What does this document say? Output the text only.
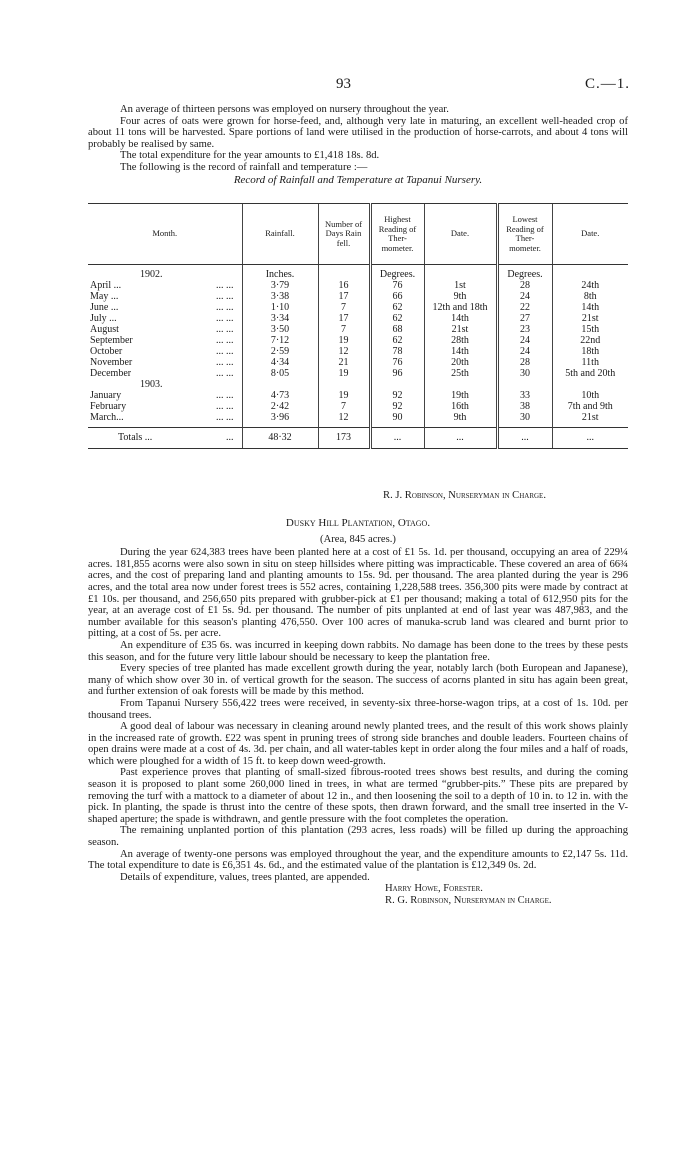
93	C.—1.

An average of thirteen persons was employed on nursery throughout the year.

Four acres of oats were grown for horse-feed, and, although very late in maturing, an excellent well-headed crop of about 11 tons will be harvested. Spare portions of land were utilised in the production of horse-carrots, and about 4 tons will probably be realised by same.

The total expenditure for the year amounts to £1,418 18s. 8d.

The following is the record of rainfall and temperature :—

Record of Rainfall and Temperature at Tapanui Nursery.
Month.	Rainfall.	Number of Days Rain fell.	Highest Reading of Ther-mometer.	Date.	Lowest Reading of Ther-mometer.	Date.

1902.	Inches.		Degrees.		Degrees.	
April ... ... ...	3·79	16	76	1st	28	24th
May ... ... ...	3·38	17	66	9th	24	8th
June ... ... ...	1·10	7	62	12th and 18th	22	14th
July ... ... ...	3·34	17	62	14th	27	21st
August ... ...	3·50	7	68	21st	23	15th
September ... ...	7·12	19	62	28th	24	22nd
October ... ...	2·59	12	78	14th	24	18th
November ... ...	4·34	21	76	20th	28	11th
December ... ...	8·05	19	96	25th	30	5th and 20th
1903.						
January ... ...	4·73	19	92	19th	33	10th
February ... ...	2·42	7	92	16th	38	7th and 9th
March... ... ...	3·96	12	90	9th	30	21st

Totals ... ...	48·32	173	...	...	...	...
R. J. Robinson, Nurseryman in Charge.
Dusky Hill Plantation, Otago.
(Area, 845 acres.)

During the year 624,383 trees have been planted here at a cost of £1 5s. 1d. per thousand, occupying an area of 229¼ acres. 181,855 acorns were also sown in situ on steep hillsides where pitting was impracticable. These covered an area of 66¾ acres, and the cost of preparing land and planting amounts to 15s. 9d. per thousand. The area planted during the year is 296 acres, and the total area now under forest trees is 552 acres, containing 1,228,588 trees. 356,300 pits were made by contract at £1 10s. per thousand, and 256,650 pits prepared with grubber-pick at £1 per thousand; making a total of 612,950 pits for the year, at an average cost of £1 5s. 9d. per thousand. The number of pits unplanted at end of last year was 487,983, and the number available for this season's planting 476,550. Over 100 acres of manuka-scrub land was cleared and burnt prior to pitting, at a cost of 5s. per acre.

An expenditure of £35 6s. was incurred in keeping down rabbits. No damage has been done to the trees by these pests this season, and for the future very little labour should be necessary to keep the plantation free.

Every species of tree planted has made excellent growth during the year, notably larch (both European and Japanese), many of which show over 30 in. of vertical growth for the season. The success of acorns planted in situ has again been great, and further extension of oak forests will be made by this method.

From Tapanui Nursery 556,422 trees were received, in seventy-six three-horse-wagon trips, at a cost of 1s. 10d. per thousand trees.

A good deal of labour was necessary in cleaning around newly planted trees, and the result of this work shows plainly in the increased rate of growth. £22 was spent in pruning trees of strong side branches and double leaders. Fourteen chains of open drains were made at a cost of 4s. 3d. per chain, and all water-tables kept in order along the four miles and a half of roads, which were ploughed for a width of 15 ft. to keep down weed-growth.

Past experience proves that planting of small-sized fibrous-rooted trees shows best results, and during the coming season it is proposed to plant some 260,000 lined in trees, in what are termed “grubber-pits.” These pits are prepared by removing the turf with a mattock to a diameter of about 12 in., and then loosening the soil to a depth of 10 in. to 12 in. with the pick. In planting, the spade is thrust into the centre of these spots, then drawn forward, and the small tree inserted in the V-shaped aperture; the spade is withdrawn, and gentle pressure with the foot completes the operation.

The remaining unplanted portion of this plantation (293 acres, less roads) will be filled up during the approaching season.

An average of twenty-one persons was employed throughout the year, and the expenditure amounts to £2,147 5s. 11d. The total expenditure to date is £6,351 4s. 6d., and the estimated value of the plantation is £12,349 0s. 2d.

Details of expenditure, values, trees planted, are appended.

Harry Howe, Forester.
R. G. Robinson, Nurseryman in Charge.
